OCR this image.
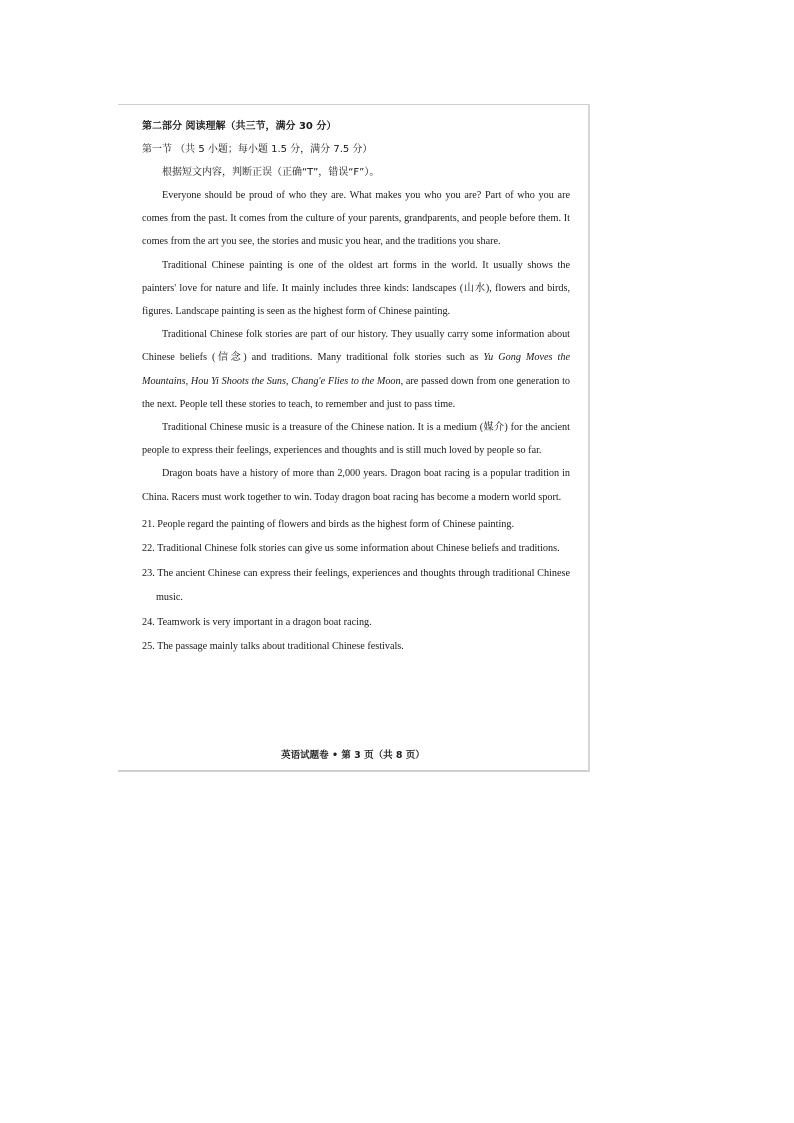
第二部分 阅读理解（共三节，满分 30 分）

第一节 （共 5 小题；每小题 1.5 分，满分 7.5 分）

根据短文内容，判断正误（正确“T”，错误“F”）。

Everyone should be proud of who they are. What makes you who you are? Part of who you are comes from the past. It comes from the culture of your parents, grandparents, and people before them. It comes from the art you see, the stories and music you hear, and the traditions you share.

Traditional Chinese painting is one of the oldest art forms in the world. It usually shows the painters' love for nature and life. It mainly includes three kinds: landscapes (山水), flowers and birds, figures. Landscape painting is seen as the highest form of Chinese painting.

Traditional Chinese folk stories are part of our history. They usually carry some information about Chinese beliefs (信念) and traditions. Many traditional folk stories such as Yu Gong Moves the Mountains, Hou Yi Shoots the Suns, Chang'e Flies to the Moon, are passed down from one generation to the next. People tell these stories to teach, to remember and just to pass time.

Traditional Chinese music is a treasure of the Chinese nation. It is a medium (媒介) for the ancient people to express their feelings, experiences and thoughts and is still much loved by people so far.

Dragon boats have a history of more than 2,000 years. Dragon boat racing is a popular tradition in China. Racers must work together to win. Today dragon boat racing has become a modern world sport.

21. People regard the painting of flowers and birds as the highest form of Chinese painting.

22. Traditional Chinese folk stories can give us some information about Chinese beliefs and traditions.

23. The ancient Chinese can express their feelings, experiences and thoughts through traditional Chinese music.

24. Teamwork is very important in a dragon boat racing.

25. The passage mainly talks about traditional Chinese festivals.

英语试题卷 • 第 3 页（共 8 页）
